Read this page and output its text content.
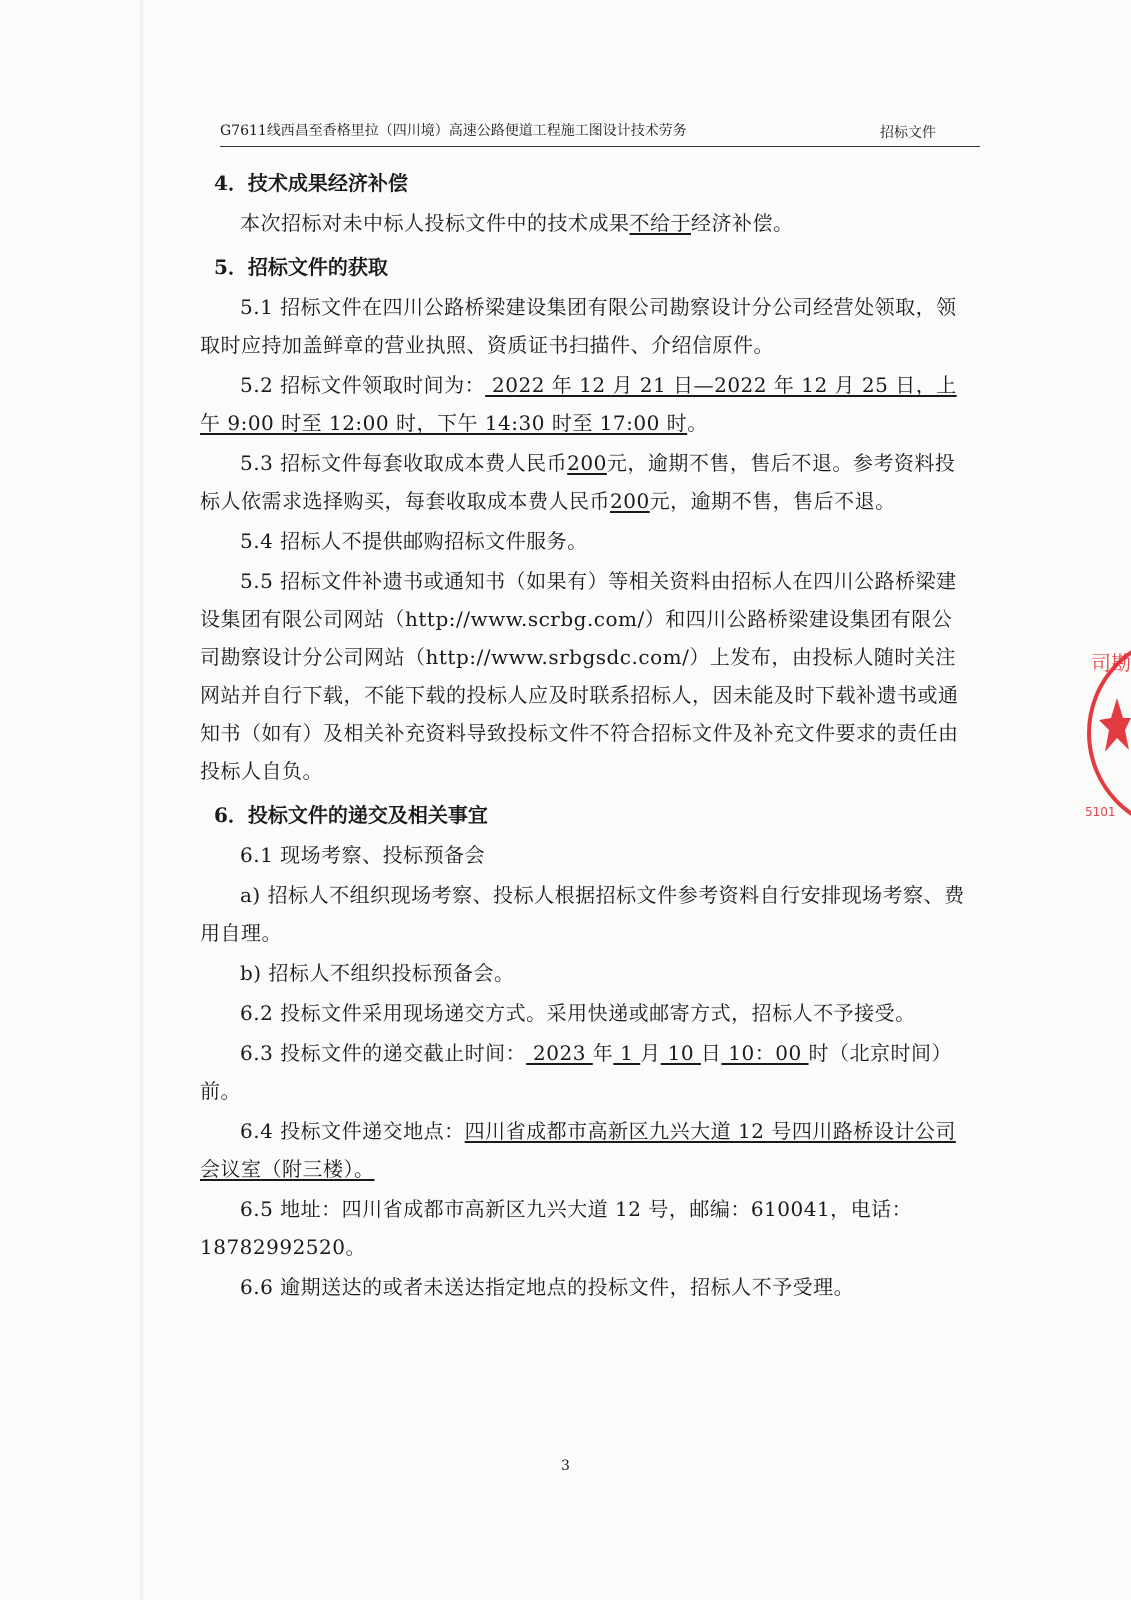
G7611线西昌至香格里拉（四川境）高速公路便道工程施工图设计技术劳务	招标文件
4．技术成果经济补偿
本次招标对未中标人投标文件中的技术成果不给于经济补偿。
5．招标文件的获取
5.1 招标文件在四川公路桥梁建设集团有限公司勘察设计分公司经营处领取，领取时应持加盖鲜章的营业执照、资质证书扫描件、介绍信原件。
5.2 招标文件领取时间为： 2022 年 12 月 21 日—2022 年 12 月 25 日，上午 9:00 时至 12:00 时，下午 14:30 时至 17:00 时。
5.3 招标文件每套收取成本费人民币200元，逾期不售，售后不退。参考资料投标人依需求选择购买，每套收取成本费人民币200元，逾期不售，售后不退。
5.4 招标人不提供邮购招标文件服务。
5.5 招标文件补遗书或通知书（如果有）等相关资料由招标人在四川公路桥梁建设集团有限公司网站（http://www.scrbg.com/）和四川公路桥梁建设集团有限公司勘察设计分公司网站（http://www.srbgsdc.com/）上发布，由投标人随时关注网站并自行下载，不能下载的投标人应及时联系招标人，因未能及时下载补遗书或通知书（如有）及相关补充资料导致投标文件不符合招标文件及补充文件要求的责任由投标人自负。
6．投标文件的递交及相关事宜
6.1 现场考察、投标预备会
a) 招标人不组织现场考察、投标人根据招标文件参考资料自行安排现场考察、费用自理。
b) 招标人不组织投标预备会。
6.2 投标文件采用现场递交方式。采用快递或邮寄方式，招标人不予接受。
6.3 投标文件的递交截止时间： 2023 年 1 月 10 日 10：00 时（北京时间）前。
6.4 投标文件递交地点：四川省成都市高新区九兴大道 12 号四川路桥设计公司会议室（附三楼）。
6.5 地址：四川省成都市高新区九兴大道 12 号，邮编：610041，电话：18782992520。
6.6 逾期送达的或者未送达指定地点的投标文件，招标人不予受理。
3
司勘
5101
